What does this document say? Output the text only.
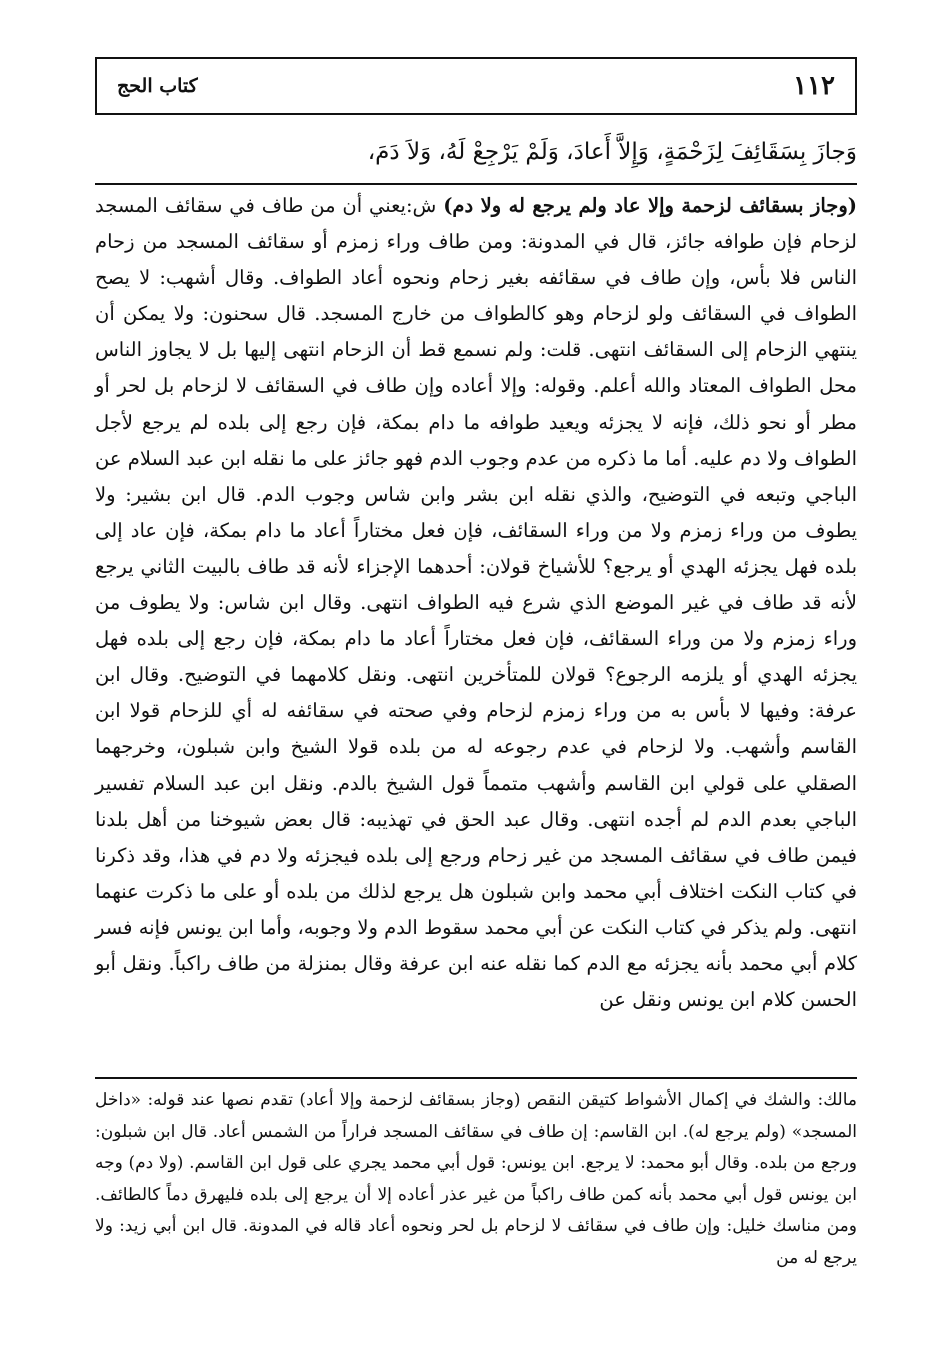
١١٢
كتاب الحج
وَجازَ بِسَقَائِفَ لِزَحْمَةٍ، وَإِلاَّ أَعادَ، وَلَمْ يَرْجِعْ لَهُ، وَلاَ دَمَ،

(وجاز بسقائف لزحمة وإلا عاد ولم يرجع له ولا دم) ش:يعني أن من طاف في سقائف المسجد لزحام فإن طوافه جائز، قال في المدونة: ومن طاف وراء زمزم أو سقائف المسجد من زحام الناس فلا بأس، وإن طاف في سقائفه بغير زحام ونحوه أعاد الطواف. وقال أشهب: لا يصح الطواف في السقائف ولو لزحام وهو كالطواف من خارج المسجد. قال سحنون: ولا يمكن أن ينتهي الزحام إلى السقائف انتهى. قلت: ولم نسمع قط أن الزحام انتهى إليها بل لا يجاوز الناس محل الطواف المعتاد والله أعلم. وقوله: وإلا أعاده وإن طاف في السقائف لا لزحام بل لحر أو مطر أو نحو ذلك، فإنه لا يجزئه ويعيد طوافه ما دام بمكة، فإن رجع إلى بلده لم يرجع لأجل الطواف ولا دم عليه. أما ما ذكره من عدم وجوب الدم فهو جائز على ما نقله ابن عبد السلام عن الباجي وتبعه في التوضيح، والذي نقله ابن بشر وابن شاس وجوب الدم. قال ابن بشير: ولا يطوف من وراء زمزم ولا من وراء السقائف، فإن فعل مختاراً أعاد ما دام بمكة، فإن عاد إلى بلده فهل يجزئه الهدي أو يرجع؟ للأشياخ قولان: أحدهما الإجزاء لأنه قد طاف بالبيت الثاني يرجع لأنه قد طاف في غير الموضع الذي شرع فيه الطواف انتهى. وقال ابن شاس: ولا يطوف من وراء زمزم ولا من وراء السقائف، فإن فعل مختاراً أعاد ما دام بمكة، فإن رجع إلى بلده فهل يجزئه الهدي أو يلزمه الرجوع؟ قولان للمتأخرين انتهى. ونقل كلامهما في التوضيح. وقال ابن عرفة: وفيها لا بأس به من وراء زمزم لزحام وفي صحته في سقائفه له أي للزحام قولا ابن القاسم وأشهب. ولا لزحام في عدم رجوعه له من بلده قولا الشيخ وابن شبلون، وخرجهما الصقلي على قولي ابن القاسم وأشهب متمماً قول الشيخ بالدم. ونقل ابن عبد السلام تفسير الباجي بعدم الدم لم أجده انتهى. وقال عبد الحق في تهذيبه: قال بعض شيوخنا من أهل بلدنا فيمن طاف في سقائف المسجد من غير زحام ورجع إلى بلده فيجزئه ولا دم في هذا، وقد ذكرنا في كتاب النكت اختلاف أبي محمد وابن شبلون هل يرجع لذلك من بلده أو على ما ذكرت عنهما انتهى. ولم يذكر في كتاب النكت عن أبي محمد سقوط الدم ولا وجوبه، وأما ابن يونس فإنه فسر كلام أبي محمد بأنه يجزئه مع الدم كما نقله عنه ابن عرفة وقال بمنزلة من طاف راكباً. ونقل أبو الحسن كلام ابن يونس ونقل عن

مالك: والشك في إكمال الأشواط كتيقن النقص (وجاز بسقائف لزحمة وإلا أعاد) تقدم نصها عند قوله: «داخل المسجد» (ولم يرجع له). ابن القاسم: إن طاف في سقائف المسجد فراراً من الشمس أعاد. قال ابن شبلون: ورجع من بلده. وقال أبو محمد: لا يرجع. ابن يونس: قول أبي محمد يجري على قول ابن القاسم. (ولا دم) وجه ابن يونس قول أبي محمد بأنه كمن طاف راكباً من غير عذر أعاده إلا أن يرجع إلى بلده فليهرق دماً كالطائف. ومن مناسك خليل: وإن طاف في سقائف لا لزحام بل لحر ونحوه أعاد قاله في المدونة. قال ابن أبي زيد: ولا يرجع له من
